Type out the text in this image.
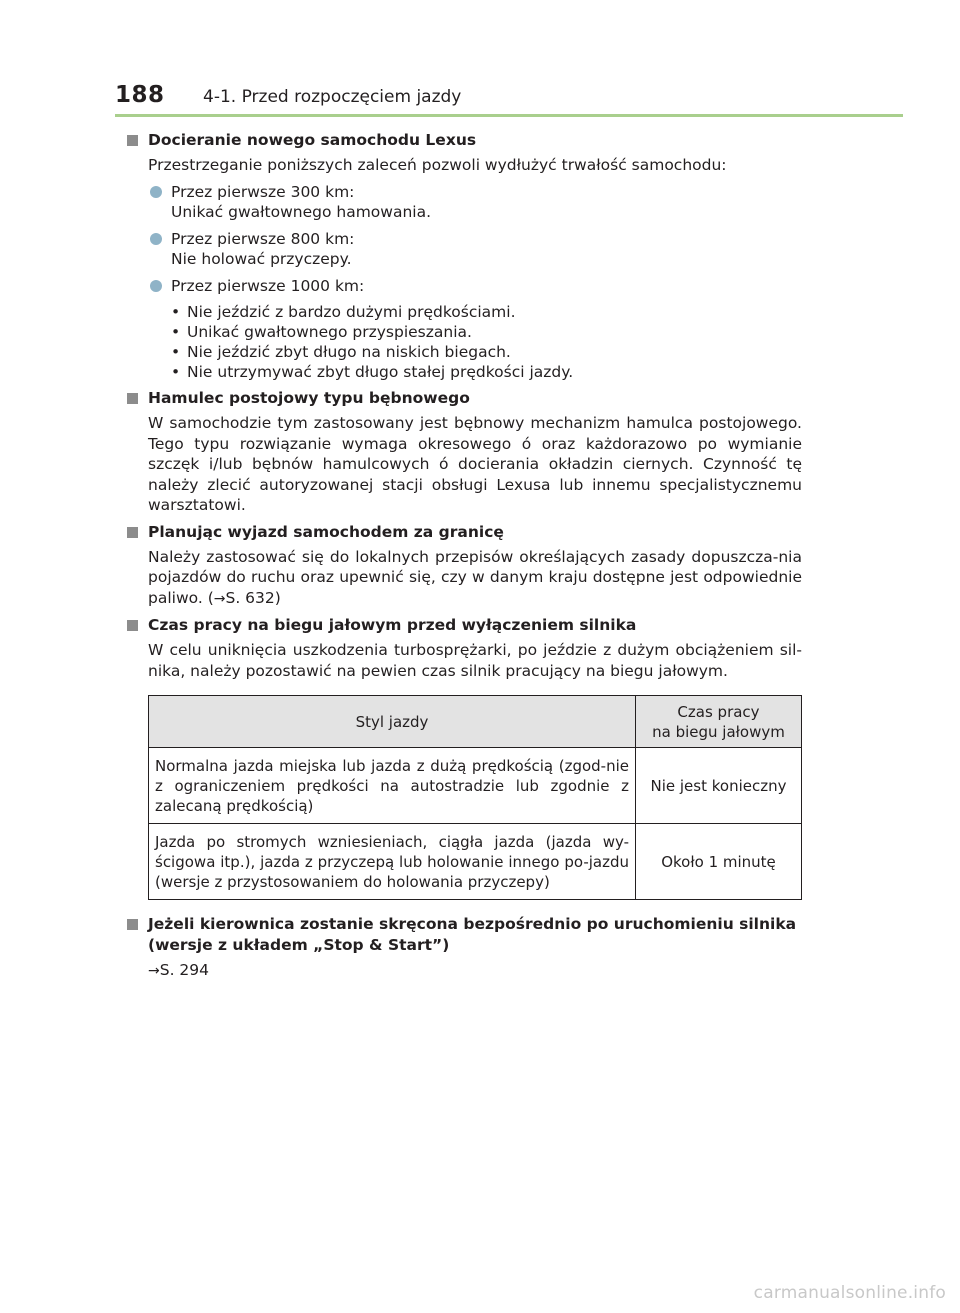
188 4-1. Przed rozpoczęciem jazdy
Docieranie nowego samochodu Lexus
Przestrzeganie poniższych zaleceń pozwoli wydłużyć trwałość samochodu:
Przez pierwsze 300 km:
Unikać gwałtownego hamowania.
Przez pierwsze 800 km:
Nie holować przyczepy.
Przez pierwsze 1000 km:
• Nie jeździć z bardzo dużymi prędkościami.
• Unikać gwałtownego przyspieszania.
• Nie jeździć zbyt długo na niskich biegach.
• Nie utrzymywać zbyt długo stałej prędkości jazdy.
Hamulec postojowy typu bębnowego
W samochodzie tym zastosowany jest bębnowy mechanizm hamulca postojowego. Tego typu rozwiązanie wymaga okresowego ó oraz każdorazowo po wymianie szczęk i/lub bębnów hamulcowych ó docierania okładzin ciernych. Czynność tę należy zlecić autoryzowanej stacji obsługi Lexusa lub innemu specjalistycznemu warsztatowi.
Planując wyjazd samochodem za granicę
Należy zastosować się do lokalnych przepisów określających zasady dopuszcza-nia pojazdów do ruchu oraz upewnić się, czy w danym kraju dostępne jest odpowiednie paliwo. (→S. 632)
Czas pracy na biegu jałowym przed wyłączeniem silnika
W celu uniknięcia uszkodzenia turbosprężarki, po jeździe z dużym obciążeniem sil-nika, należy pozostawić na pewien czas silnik pracujący na biegu jałowym.
Styl jazdy	Czas pracy
na biegu jałowym

Normalna jazda miejska lub jazda z dużą prędkością (zgod-nie z ograniczeniem prędkości na autostradzie lub zgodnie z zalecaną prędkością)	Nie jest konieczny
Jazda po stromych wzniesieniach, ciągła jazda (jazda wy-ścigowa itp.), jazda z przyczepą lub holowanie innego po-jazdu (wersje z przystosowaniem do holowania przyczepy)	Około 1 minutę
Jeżeli kierownica zostanie skręcona bezpośrednio po uruchomieniu silnika (wersje z układem „Stop & Start”)
→S. 294
carmanualsonline.info
